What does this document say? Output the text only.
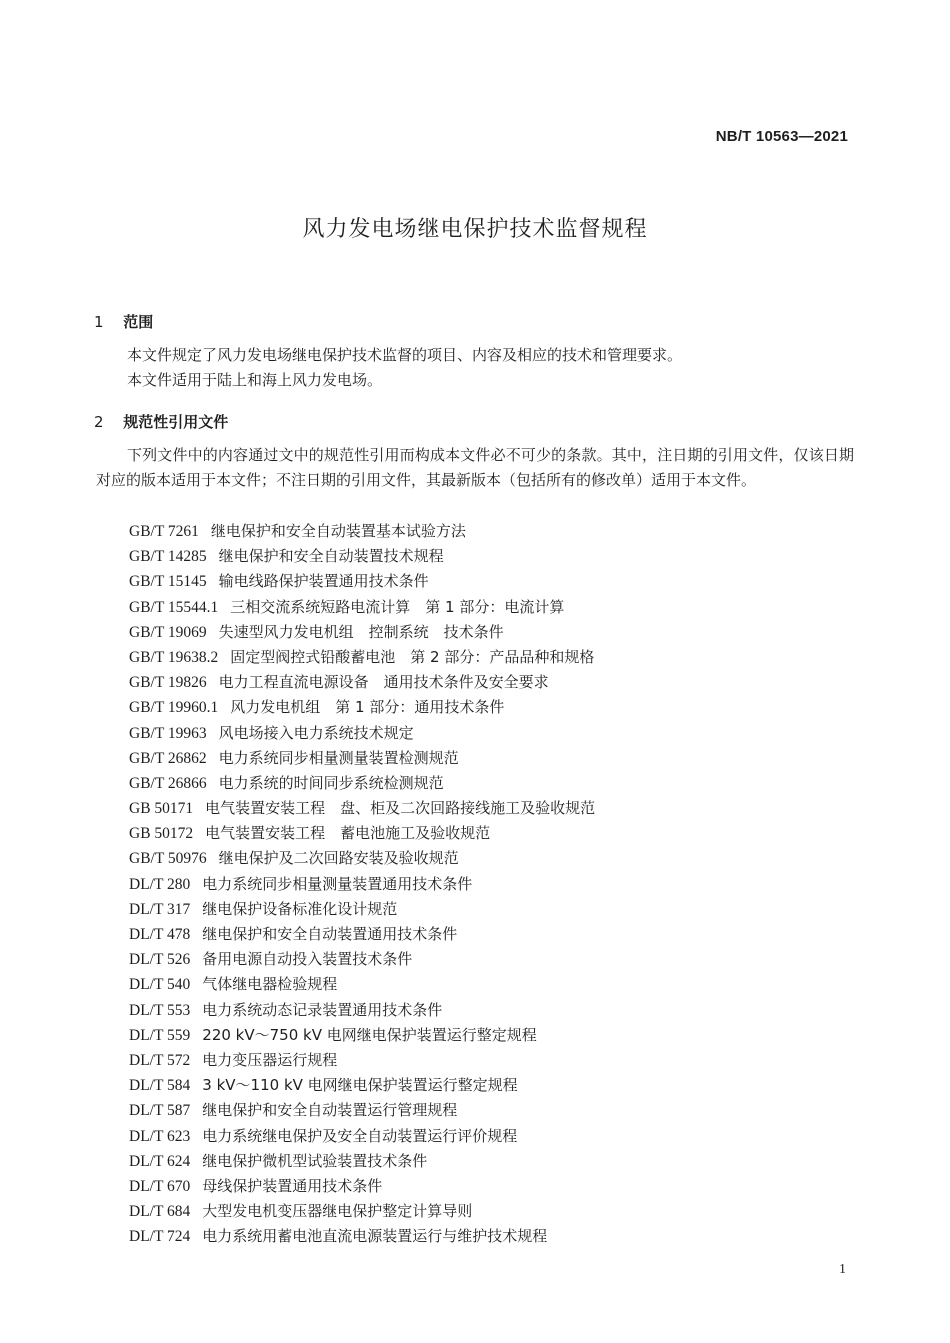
NB/T 10563—2021
风力发电场继电保护技术监督规程
1 范围
本文件规定了风力发电场继电保护技术监督的项目、内容及相应的技术和管理要求。
本文件适用于陆上和海上风力发电场。
2 规范性引用文件
下列文件中的内容通过文中的规范性引用而构成本文件必不可少的条款。其中，注日期的引用文件，仅该日期对应的版本适用于本文件；不注日期的引用文件，其最新版本（包括所有的修改单）适用于本文件。
GB/T 7261 继电保护和安全自动装置基本试验方法
GB/T 14285 继电保护和安全自动装置技术规程
GB/T 15145 输电线路保护装置通用技术条件
GB/T 15544.1 三相交流系统短路电流计算　第 1 部分：电流计算
GB/T 19069 失速型风力发电机组　控制系统　技术条件
GB/T 19638.2 固定型阀控式铅酸蓄电池　第 2 部分：产品品种和规格
GB/T 19826 电力工程直流电源设备　通用技术条件及安全要求
GB/T 19960.1 风力发电机组　第 1 部分：通用技术条件
GB/T 19963 风电场接入电力系统技术规定
GB/T 26862 电力系统同步相量测量装置检测规范
GB/T 26866 电力系统的时间同步系统检测规范
GB 50171 电气装置安装工程　盘、柜及二次回路接线施工及验收规范
GB 50172 电气装置安装工程　蓄电池施工及验收规范
GB/T 50976 继电保护及二次回路安装及验收规范
DL/T 280 电力系统同步相量测量装置通用技术条件
DL/T 317 继电保护设备标准化设计规范
DL/T 478 继电保护和安全自动装置通用技术条件
DL/T 526 备用电源自动投入装置技术条件
DL/T 540 气体继电器检验规程
DL/T 553 电力系统动态记录装置通用技术条件
DL/T 559 220 kV～750 kV 电网继电保护装置运行整定规程
DL/T 572 电力变压器运行规程
DL/T 584 3 kV～110 kV 电网继电保护装置运行整定规程
DL/T 587 继电保护和安全自动装置运行管理规程
DL/T 623 电力系统继电保护及安全自动装置运行评价规程
DL/T 624 继电保护微机型试验装置技术条件
DL/T 670 母线保护装置通用技术条件
DL/T 684 大型发电机变压器继电保护整定计算导则
DL/T 724 电力系统用蓄电池直流电源装置运行与维护技术规程
1
